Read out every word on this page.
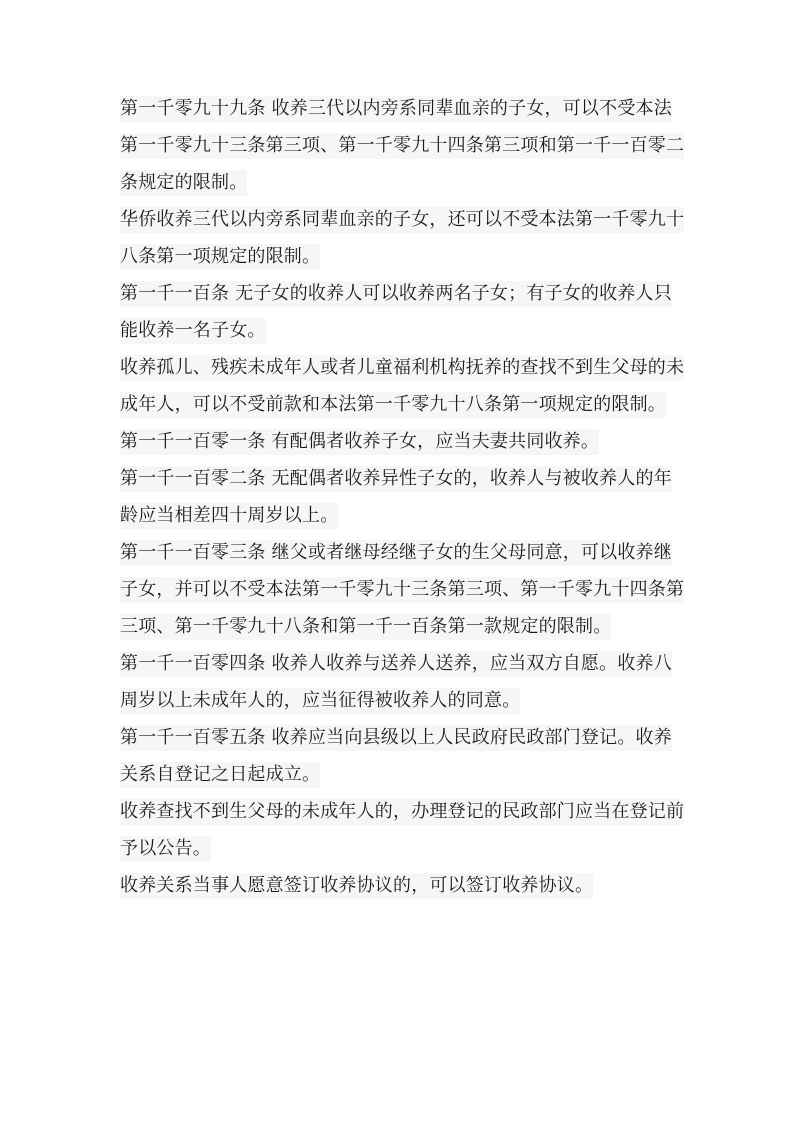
第一千零九十九条 收养三代以内旁系同辈血亲的子女，可以不受本法
第一千零九十三条第三项、第一千零九十四条第三项和第一千一百零二
条规定的限制。
华侨收养三代以内旁系同辈血亲的子女，还可以不受本法第一千零九十
八条第一项规定的限制。
第一千一百条 无子女的收养人可以收养两名子女；有子女的收养人只
能收养一名子女。
收养孤儿、残疾未成年人或者儿童福利机构抚养的查找不到生父母的未
成年人，可以不受前款和本法第一千零九十八条第一项规定的限制。
第一千一百零一条 有配偶者收养子女，应当夫妻共同收养。
第一千一百零二条 无配偶者收养异性子女的，收养人与被收养人的年
龄应当相差四十周岁以上。
第一千一百零三条 继父或者继母经继子女的生父母同意，可以收养继
子女，并可以不受本法第一千零九十三条第三项、第一千零九十四条第
三项、第一千零九十八条和第一千一百条第一款规定的限制。
第一千一百零四条 收养人收养与送养人送养，应当双方自愿。收养八
周岁以上未成年人的，应当征得被收养人的同意。
第一千一百零五条 收养应当向县级以上人民政府民政部门登记。收养
关系自登记之日起成立。
收养查找不到生父母的未成年人的，办理登记的民政部门应当在登记前
予以公告。
收养关系当事人愿意签订收养协议的，可以签订收养协议。
